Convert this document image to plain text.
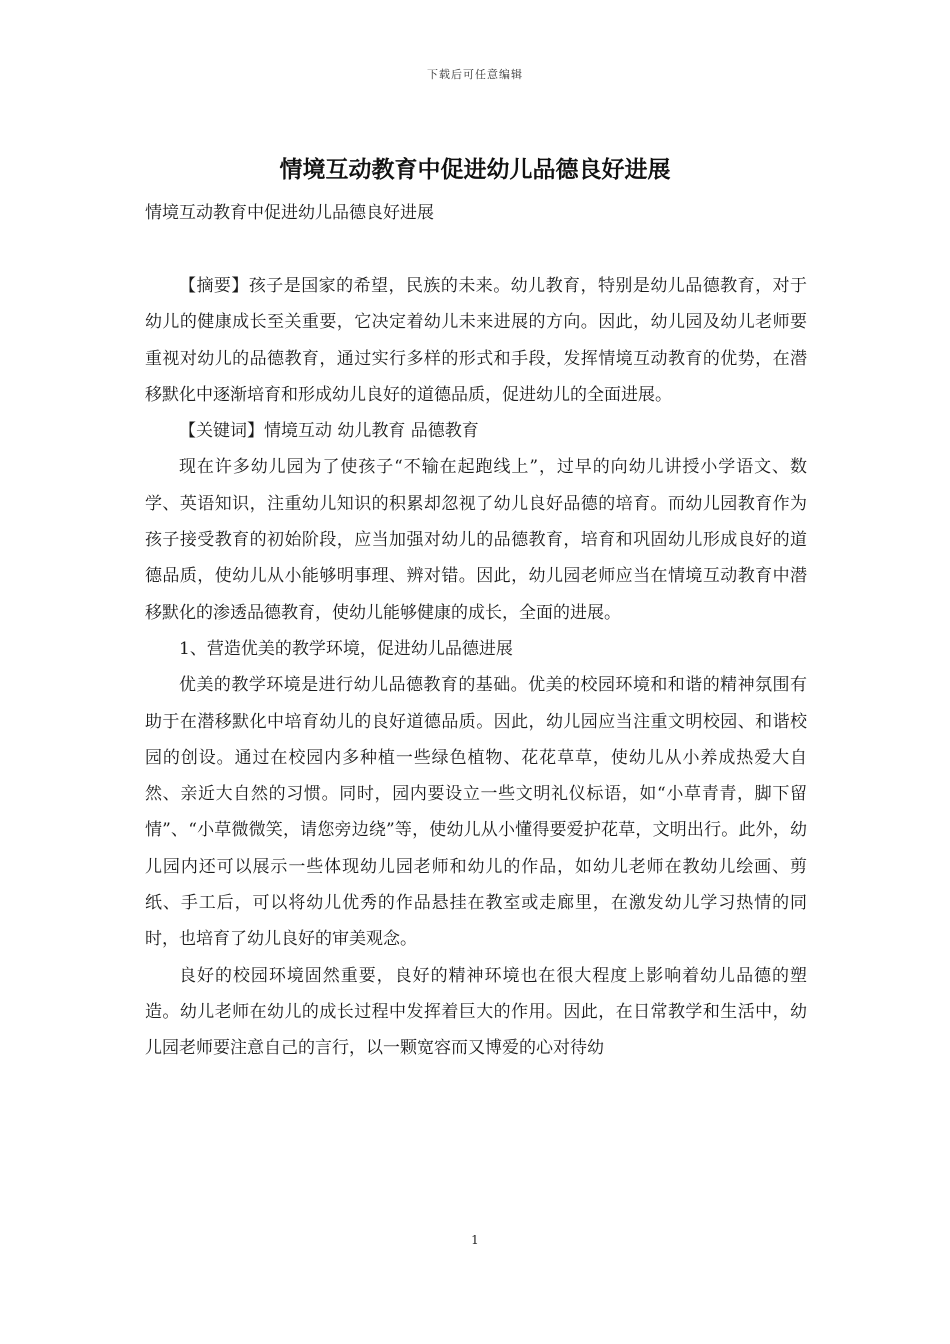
下载后可任意编辑
情境互动教育中促进幼儿品德良好进展

情境互动教育中促进幼儿品德良好进展

【摘要】孩子是国家的希望，民族的未来。幼儿教育，特别是幼儿品德教育，对于幼儿的健康成长至关重要，它决定着幼儿未来进展的方向。因此，幼儿园及幼儿老师要重视对幼儿的品德教育，通过实行多样的形式和手段，发挥情境互动教育的优势，在潜移默化中逐渐培育和形成幼儿良好的道德品质，促进幼儿的全面进展。

【关键词】情境互动 幼儿教育 品德教育

现在许多幼儿园为了使孩子“不输在起跑线上”，过早的向幼儿讲授小学语文、数学、英语知识，注重幼儿知识的积累却忽视了幼儿良好品德的培育。而幼儿园教育作为孩子接受教育的初始阶段，应当加强对幼儿的品德教育，培育和巩固幼儿形成良好的道德品质，使幼儿从小能够明事理、辨对错。因此，幼儿园老师应当在情境互动教育中潜移默化的渗透品德教育，使幼儿能够健康的成长，全面的进展。

1、营造优美的教学环境，促进幼儿品德进展

优美的教学环境是进行幼儿品德教育的基础。优美的校园环境和和谐的精神氛围有助于在潜移默化中培育幼儿的良好道德品质。因此，幼儿园应当注重文明校园、和谐校园的创设。通过在校园内多种植一些绿色植物、花花草草，使幼儿从小养成热爱大自然、亲近大自然的习惯。同时，园内要设立一些文明礼仪标语，如“小草青青，脚下留情”、“小草微微笑，请您旁边绕”等，使幼儿从小懂得要爱护花草，文明出行。此外，幼儿园内还可以展示一些体现幼儿园老师和幼儿的作品，如幼儿老师在教幼儿绘画、剪纸、手工后，可以将幼儿优秀的作品悬挂在教室或走廊里，在激发幼儿学习热情的同时，也培育了幼儿良好的审美观念。

良好的校园环境固然重要，良好的精神环境也在很大程度上影响着幼儿品德的塑造。幼儿老师在幼儿的成长过程中发挥着巨大的作用。因此，在日常教学和生活中，幼儿园老师要注意自己的言行，以一颗宽容而又博爱的心对待幼

1
